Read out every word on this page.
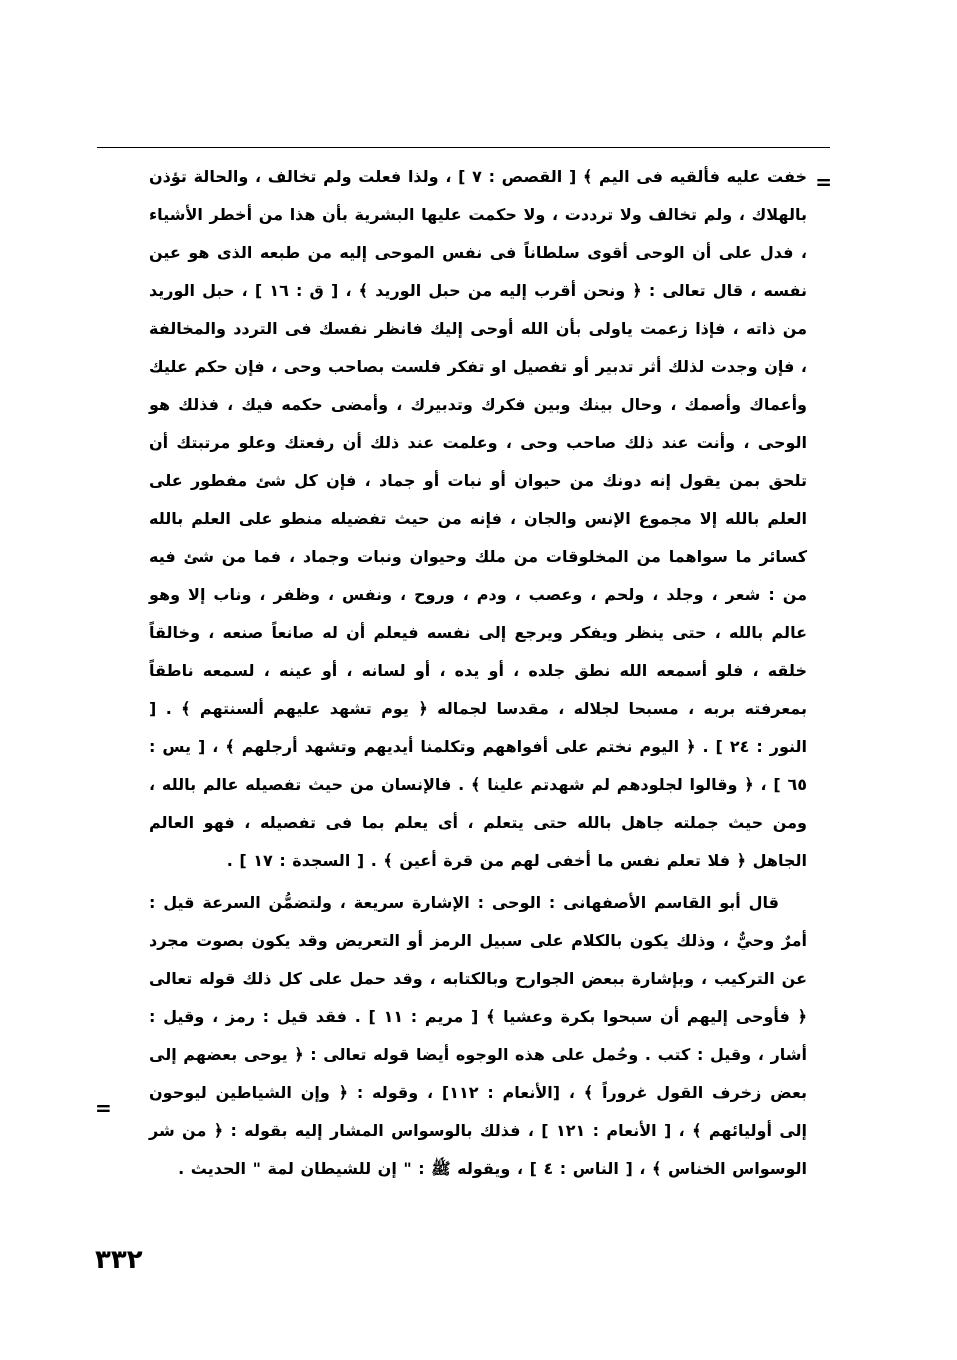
=

خفت عليه فألقيه فى اليم ﴾ [ القصص : ٧ ] ، ولذا فعلت ولم تخالف ، والحالة تؤذن بالهلاك ، ولم تخالف ولا ترددت ، ولا حكمت عليها البشرية بأن هذا من أخطر الأشياء ، فدل على أن الوحى أقوى سلطاناً فى نفس الموحى إليه من طبعه الذى هو عين نفسه ، قال تعالى : ﴿ ونحن أقرب إليه من حبل الوريد ﴾ ، [ ق : ١٦ ] ، حبل الوريد من ذاته ، فإذا زعمت ياولى بأن الله أوحى إليك فانظر نفسك فى التردد والمخالفة ، فإن وجدت لذلك أثر تدبير أو تفصيل او تفكر فلست بصاحب وحى ، فإن حكم عليك وأعماك وأصمك ، وحال بينك وبين فكرك وتدبيرك ، وأمضى حكمه فيك ، فذلك هو الوحى ، وأنت عند ذلك صاحب وحى ، وعلمت عند ذلك أن رفعتك وعلو مرتبتك أن تلحق بمن يقول إنه دونك من حيوان أو نبات أو جماد ، فإن كل شئ مفطور على العلم بالله إلا مجموع الإنس والجان ، فإنه من حيث تفضيله منطو على العلم بالله كسائر ما سواهما من المخلوقات من ملك وحيوان ونبات وجماد ، فما من شئ فيه من : شعر ، وجلد ، ولحم ، وعصب ، ودم ، وروح ، ونفس ، وظفر ، وناب إلا وهو عالم بالله ، حتى ينظر ويفكر ويرجع إلى نفسه فيعلم أن له صانعاً صنعه ، وخالقاً خلقه ، فلو أسمعه الله نطق جلده ، أو يده ، أو لسانه ، أو عينه ، لسمعه ناطقاً بمعرفته بربه ، مسبحا لجلاله ، مقدسا لجماله ﴿ يوم تشهد عليهم ألسنتهم ﴾ . [ النور : ٢٤ ] . ﴿ اليوم نختم على أفواههم وتكلمنا أيديهم وتشهد أرجلهم ﴾ ، [ يس : ٦٥ ] ، ﴿ وقالوا لجلودهم لم شهدتم علينا ﴾ . فالإنسان من حيث تفصيله عالم بالله ، ومن حيث جملته جاهل بالله حتى يتعلم ، أى يعلم بما فى تفصيله ، فهو العالم الجاهل ﴿ فلا تعلم نفس ما أخفى لهم من قرة أعين ﴾ . [ السجدة : ١٧ ] .

قال أبو القاسم الأصفهانى : الوحى : الإشارة سريعة ، ولتضمُّن السرعة قيل : أمرٌ وحيٌّ ، وذلك يكون بالكلام على سبيل الرمز أو التعريض وقد يكون بصوت مجرد عن التركيب ، وبإشارة ببعض الجوارح وبالكتابه ، وقد حمل على كل ذلك قوله تعالى ﴿ فأوحى إليهم أن سبحوا بكرة وعشيا ﴾ [ مريم : ١١ ] . فقد قيل : رمز ، وقيل : أشار ، وقيل : كتب . وحُمل على هذه الوجوه أيضا قوله تعالى : ﴿ يوحى بعضهم إلى بعض زخرف القول غروراً ﴾ ، [الأنعام : ١١٢] ، وقوله : ﴿ وإن الشياطين ليوحون إلى أوليائهم ﴾ ، [ الأنعام : ١٢١ ] ، فذلك بالوسواس المشار إليه بقوله : ﴿ من شر الوسواس الخناس ﴾ ، [ الناس : ٤ ] ، ويقوله ﷺ : " إن للشيطان لمة " الحديث .

=
٣٣٢
